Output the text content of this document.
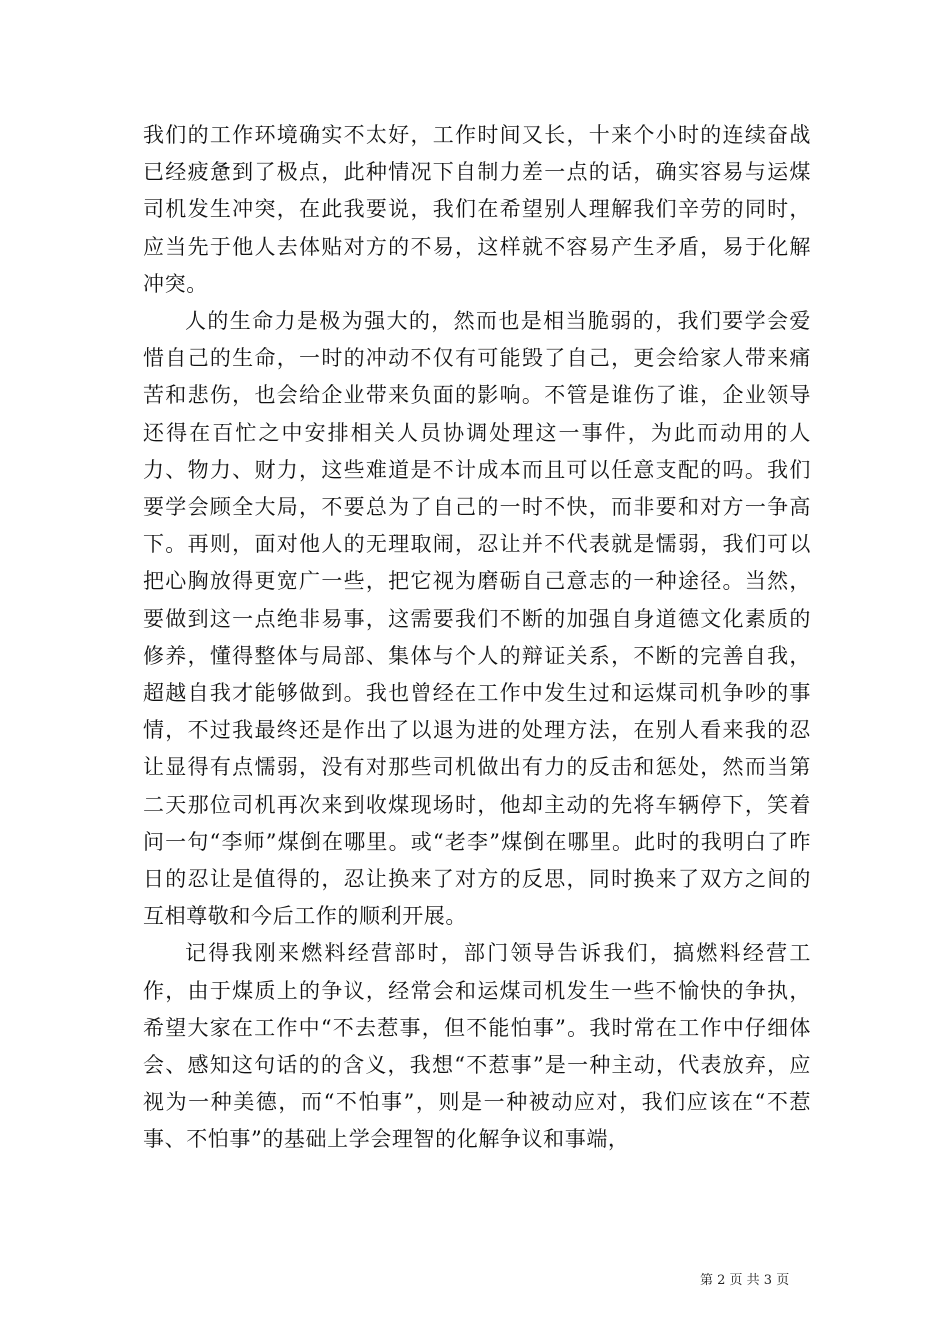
我们的工作环境确实不太好，工作时间又长，十来个小时的连续奋战已经疲惫到了极点，此种情况下自制力差一点的话，确实容易与运煤司机发生冲突，在此我要说，我们在希望别人理解我们辛劳的同时，应当先于他人去体贴对方的不易，这样就不容易产生矛盾，易于化解冲突。

人的生命力是极为强大的，然而也是相当脆弱的，我们要学会爱惜自己的生命，一时的冲动不仅有可能毁了自己，更会给家人带来痛苦和悲伤，也会给企业带来负面的影响。不管是谁伤了谁，企业领导还得在百忙之中安排相关人员协调处理这一事件，为此而动用的人力、物力、财力，这些难道是不计成本而且可以任意支配的吗。我们要学会顾全大局，不要总为了自己的一时不快，而非要和对方一争高下。再则，面对他人的无理取闹，忍让并不代表就是懦弱，我们可以把心胸放得更宽广一些，把它视为磨砺自己意志的一种途径。当然，要做到这一点绝非易事，这需要我们不断的加强自身道德文化素质的修养，懂得整体与局部、集体与个人的辩证关系，不断的完善自我，超越自我才能够做到。我也曾经在工作中发生过和运煤司机争吵的事情，不过我最终还是作出了以退为进的处理方法，在别人看来我的忍让显得有点懦弱，没有对那些司机做出有力的反击和惩处，然而当第二天那位司机再次来到收煤现场时，他却主动的先将车辆停下，笑着问一句“李师”煤倒在哪里。或“老李”煤倒在哪里。此时的我明白了昨日的忍让是值得的，忍让换来了对方的反思，同时换来了双方之间的互相尊敬和今后工作的顺利开展。

记得我刚来燃料经营部时，部门领导告诉我们，搞燃料经营工作，由于煤质上的争议，经常会和运煤司机发生一些不愉快的争执，希望大家在工作中“不去惹事，但不能怕事”。我时常在工作中仔细体会、感知这句话的的含义，我想“不惹事”是一种主动，代表放弃，应视为一种美德，而“不怕事”，则是一种被动应对，我们应该在“不惹事、不怕事”的基础上学会理智的化解争议和事端，

第 2 页 共 3 页
